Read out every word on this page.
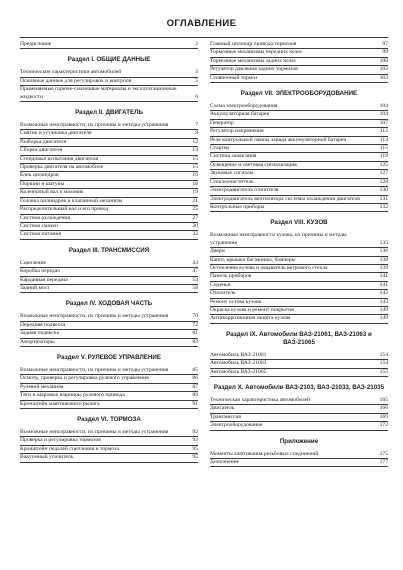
ОГЛАВЛЕНИЕ
Предисловие	2
Раздел I. ОБЩИЕ ДАННЫЕ
Технические характеристики автомобилей	3
Основные данные для регулировок и контроля	5
Применяемые горюче-смазочные материалы и эксплуатационные жидкости	6
Раздел II. ДВИГАТЕЛЬ
Возможные неисправности, их причины и методы устранения	7
Снятие и установка двигателя	9
Разборка двигателя	12
Сборка двигателя	14
Стендовые испытания двигателя	15
Проверка двигателя на автомобиле	15
Блок цилиндров	16
Поршни и шатуны	16
Коленчатый вал и маховик	19
Головка цилиндров и клапанный механизм	21
Распределительный вал и его привод	25
Система охлаждения	27
Система смазки	30
Система питания	32
Раздел III. ТРАНСМИССИЯ
Сцепление	43
Коробка передач	47
Карданная передача	54
Задний мост	58
Раздел IV. ХОДОВАЯ ЧАСТЬ
Возможные неисправности, их причины и методы устранения	70
Передняя подвеска	72
Задняя подвеска	81
Амортизаторы	83
Раздел V. РУЛЕВОЕ УПРАВЛЕНИЕ
Возможные неисправности, их причины и методы устранения	85
Осмотр, проверка и регулировка рулевого управления	86
Рулевой механизм	87
Тяги и шаровые шарниры рулевого привода	89
Кронштейн маятникового рычага	91
Раздел VI. ТОРМОЗА
Возможные неисправности, их причины и методы устранения	92
Проверка и регулировка тормозов	93
Кронштейн педалей сцепления и тормоза	95
Вакуумный усилитель	95
Главный цилиндр привода тормозов	97
Тормозные механизмы передних колес	99
Тормозные механизмы задних колес	100
Регулятор давления задних тормозов	102
Стояночный тормоз	103
Раздел VII. ЭЛЕКТРООБОРУДОВАНИЕ
Схема электрооборудования	104
Аккумуляторная батарея	104
Генератор	107
Регулятор напряжения	112
Реле контрольной лампы заряда аккумуляторной батареи	114
Стартер	115
Система зажигания	119
Освещение и световая сигнализация	125
Звуковые сигналы	127
Стеклоочиститель	128
Электродвигатель отопителя	130
Электродвигатель вентилятора системы охлаждения двигателя	131
Контрольные приборы	132
Раздел VIII. КУЗОВ
Возможные неисправности кузова, их причины и методы устранения	135
Двери	136
Капот, крышка багажника, бамперы	138
Остекление кузова и омыватель ветрового стекла	139
Панель приборов	141
Сиденья	141
Отопитель	142
Ремонт остова кузова	143
Окраска кузова и ремонт покрытия	149
Антикоррозионная защита кузова	149
Раздел IX. Автомобили ВАЗ-21061, ВАЗ-21063 и ВАЗ-21065
Автомобиль ВАЗ-21061	154
Автомобиль ВАЗ-21063	154
Автомобиль ВАЗ-21065	155
Раздел X. Автомобили ВАЗ-2103, ВАЗ-21033, ВАЗ-21035
Техническая характеристика автомобилей	165
Двигатель	166
Трансмиссия	169
Электрооборудование	172
Приложение
Моменты затягивания резьбовых соединений	175
Дополнение	177
